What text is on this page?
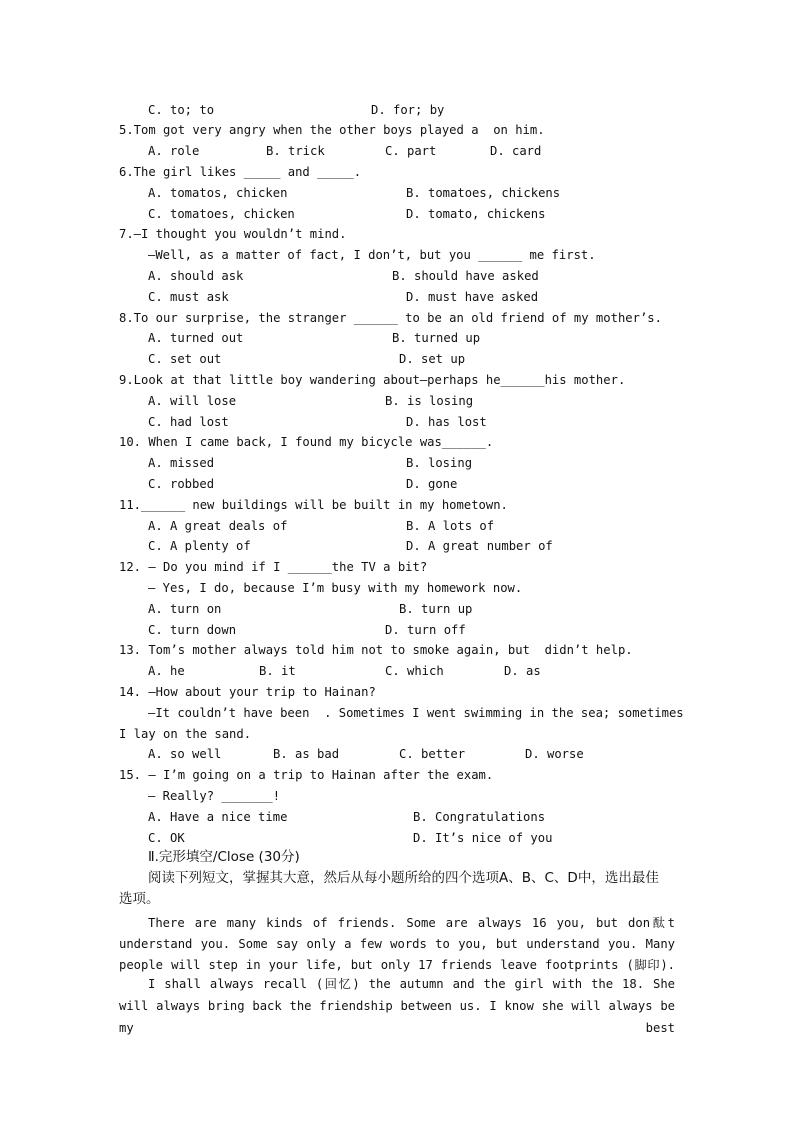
C. to; to	D. for; by
5.Tom got very angry when the other boys played a  on him.
A. role	B. trick	C. part	D. card
6.The girl likes _____ and _____.
A. tomatos, chicken	B. tomatoes, chickens
C. tomatoes, chicken	D. tomato, chickens
7.—I thought you wouldn’t mind.
—Well, as a matter of fact, I don’t, but you ______ me first.
A. should ask	B. should have asked
C. must ask	D. must have asked
8.To our surprise, the stranger ______ to be an old friend of my mother’s.
A. turned out	B. turned up
C. set out	D. set up
9.Look at that little boy wandering about—perhaps he______his mother.
A. will lose	B. is losing
C. had lost	D. has lost
10. When I came back, I found my bicycle was______.
A. missed	B. losing
C. robbed	D. gone
11.______ new buildings will be built in my hometown.
A. A great deals of	B. A lots of
C. A plenty of	D. A great number of
12. — Do you mind if I ______the TV a bit?
— Yes, I do, because I’m busy with my homework now.
A. turn on	B. turn up
C. turn down	D. turn off
13. Tom’s mother always told him not to smoke again, but  didn’t help.
A. he	B. it	C. which	D. as
14. —How about your trip to Hainan?
—It couldn’t have been  . Sometimes I went swimming in the sea; sometimes
I lay on the sand.
A. so well	B. as bad	C. better	D. worse
15. — I’m going on a trip to Hainan after the exam.
— Really? _______!
A. Have a nice time	B. Congratulations
C. OK	D. It’s nice of you
Ⅱ.完形填空/Close (30分)
阅读下列短文，掌握其大意，然后从每小题所给的四个选项A、B、C、D中，选出最佳
选项。
There are many kinds of friends. Some are always 16 you, but don酞t understand you. Some say only a few words to you, but understand you. Many people will step in your life, but only 17 friends leave footprints (脚印).
I shall always recall (回忆) the autumn and the girl with the 18. She will always bring back the friendship between us. I know she will always be my best
